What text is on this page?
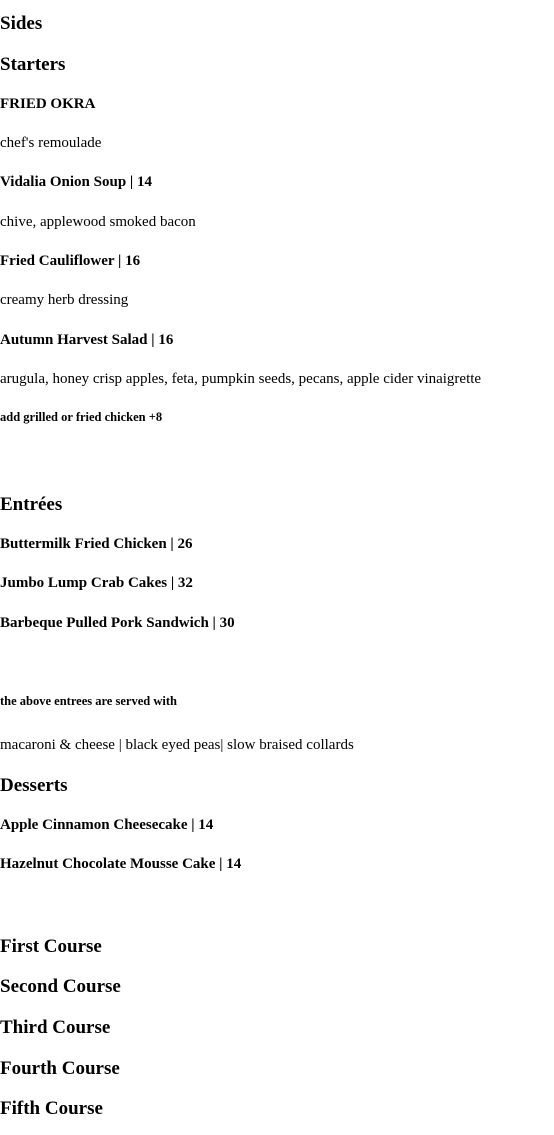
Sides
Starters
FRIED OKRA

chef's remoulade

Vidalia Onion Soup | 14

chive, applewood smoked bacon

Fried Cauliflower | 16

creamy herb dressing

Autumn Harvest Salad | 16

arugula, honey crisp apples, feta, pumpkin seeds, pecans, apple cider vinaigrette

add grilled or fried chicken +8

Entrées
Buttermilk Fried Chicken | 26
Jumbo Lump Crab Cakes | 32
Barbeque Pulled Pork Sandwich | 30

the above entrees are served with

macaroni & cheese | black eyed peas| slow braised collards

Desserts
Apple Cinnamon Cheesecake | 14
Hazelnut Chocolate Mousse Cake | 14
First Course
Second Course
Third Course
Fourth Course
Fifth Course
